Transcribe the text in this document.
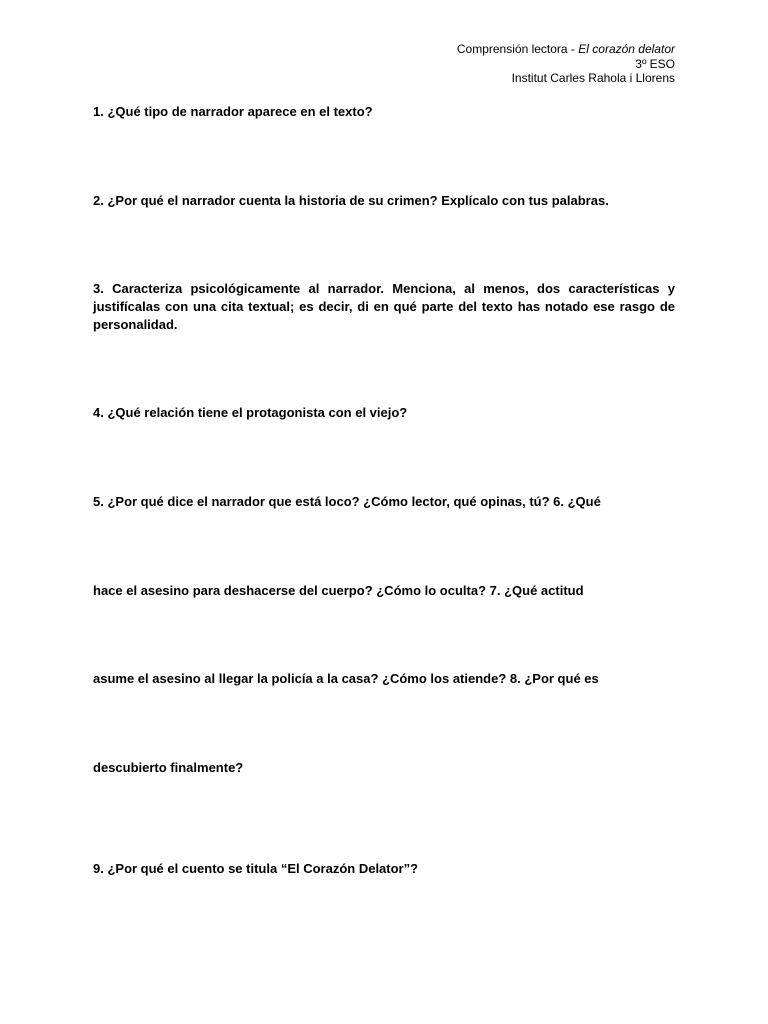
Comprensión lectora - El corazón delator
3º ESO
Institut Carles Rahola i Llorens

1. ¿Qué tipo de narrador aparece en el texto?

2. ¿Por qué el narrador cuenta la historia de su crimen? Explícalo con tus palabras.

3. Caracteriza psicológicamente al narrador. Menciona, al menos, dos características y justifícalas con una cita textual; es decir, di en qué parte del texto has notado ese rasgo de personalidad.

4. ¿Qué relación tiene el protagonista con el viejo?

5. ¿Por qué dice el narrador que está loco? ¿Cómo lector, qué opinas, tú? 6. ¿Qué

hace el asesino para deshacerse del cuerpo? ¿Cómo lo oculta? 7. ¿Qué actitud

asume el asesino al llegar la policía a la casa? ¿Cómo los atiende? 8. ¿Por qué es

descubierto finalmente?

9. ¿Por qué el cuento se titula “El Corazón Delator”?
